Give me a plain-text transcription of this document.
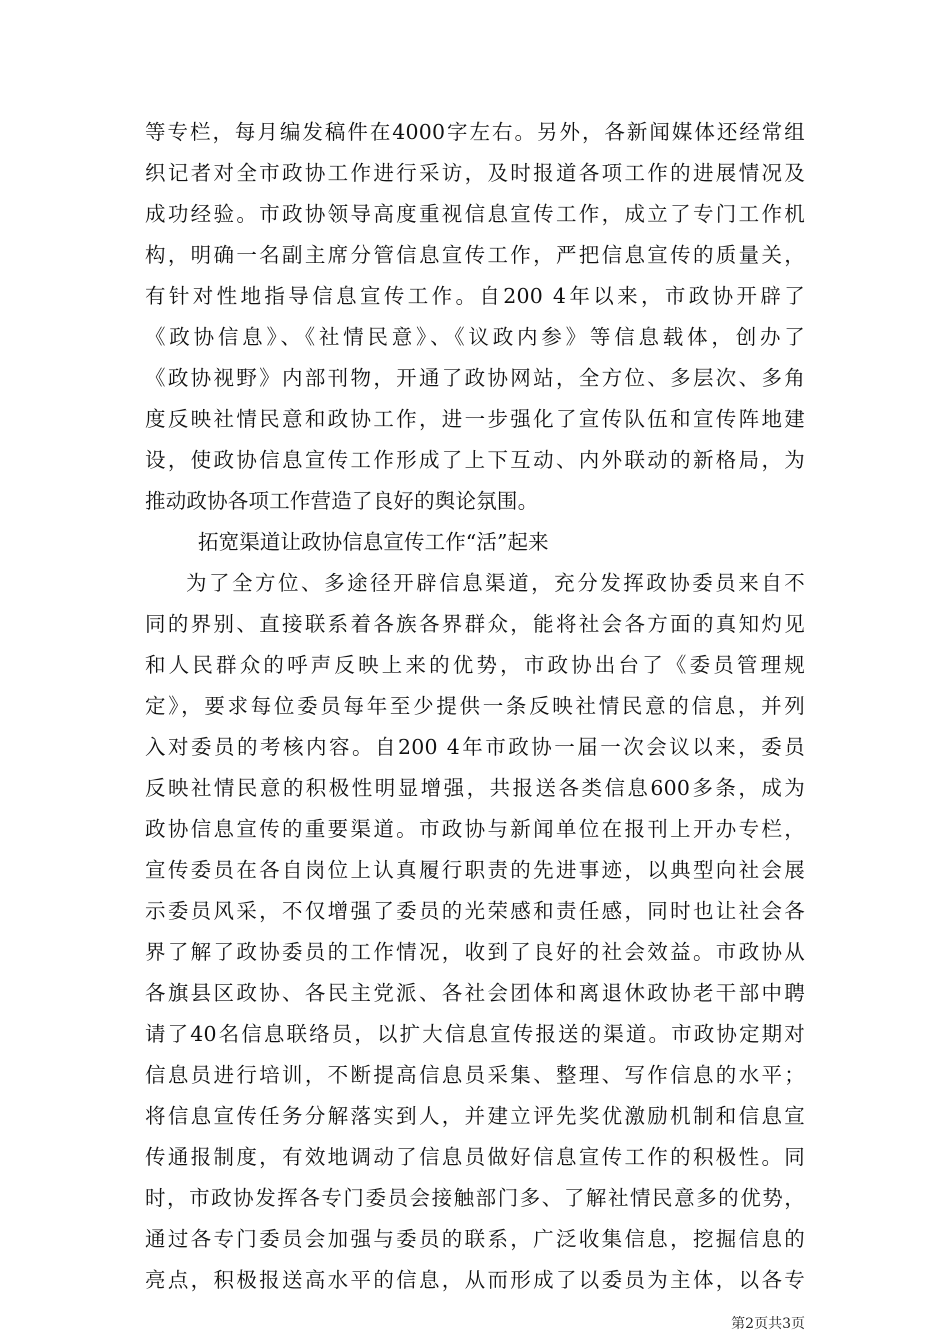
等专栏，每月编发稿件在4000字左右。另外，各新闻媒体还经常组
织记者对全市政协工作进行采访，及时报道各项工作的进展情况及
成功经验。市政协领导高度重视信息宣传工作，成立了专门工作机
构，明确一名副主席分管信息宣传工作，严把信息宣传的质量关，
有针对性地指导信息宣传工作。自200 4年以来，市政协开辟了
《政协信息》、《社情民意》、《议政内参》等信息载体，创办了
《政协视野》内部刊物，开通了政协网站，全方位、多层次、多角
度反映社情民意和政协工作，进一步强化了宣传队伍和宣传阵地建
设，使政协信息宣传工作形成了上下互动、内外联动的新格局，为
推动政协各项工作营造了良好的舆论氛围。
拓宽渠道让政协信息宣传工作“活”起来
为了全方位、多途径开辟信息渠道，充分发挥政协委员来自不
同的界别、直接联系着各族各界群众，能将社会各方面的真知灼见
和人民群众的呼声反映上来的优势，市政协出台了《委员管理规
定》，要求每位委员每年至少提供一条反映社情民意的信息，并列
入对委员的考核内容。自200 4年市政协一届一次会议以来，委员
反映社情民意的积极性明显增强，共报送各类信息600多条，成为
政协信息宣传的重要渠道。市政协与新闻单位在报刊上开办专栏，
宣传委员在各自岗位上认真履行职责的先进事迹，以典型向社会展
示委员风采，不仅增强了委员的光荣感和责任感，同时也让社会各
界了解了政协委员的工作情况，收到了良好的社会效益。市政协从
各旗县区政协、各民主党派、各社会团体和离退休政协老干部中聘
请了40名信息联络员，以扩大信息宣传报送的渠道。市政协定期对
信息员进行培训，不断提高信息员采集、整理、写作信息的水平；
将信息宣传任务分解落实到人，并建立评先奖优激励机制和信息宣
传通报制度，有效地调动了信息员做好信息宣传工作的积极性。同
时，市政协发挥各专门委员会接触部门多、了解社情民意多的优势，
通过各专门委员会加强与委员的联系，广泛收集信息，挖掘信息的
亮点，积极报送高水平的信息，从而形成了以委员为主体，以各专
第2页共3页
